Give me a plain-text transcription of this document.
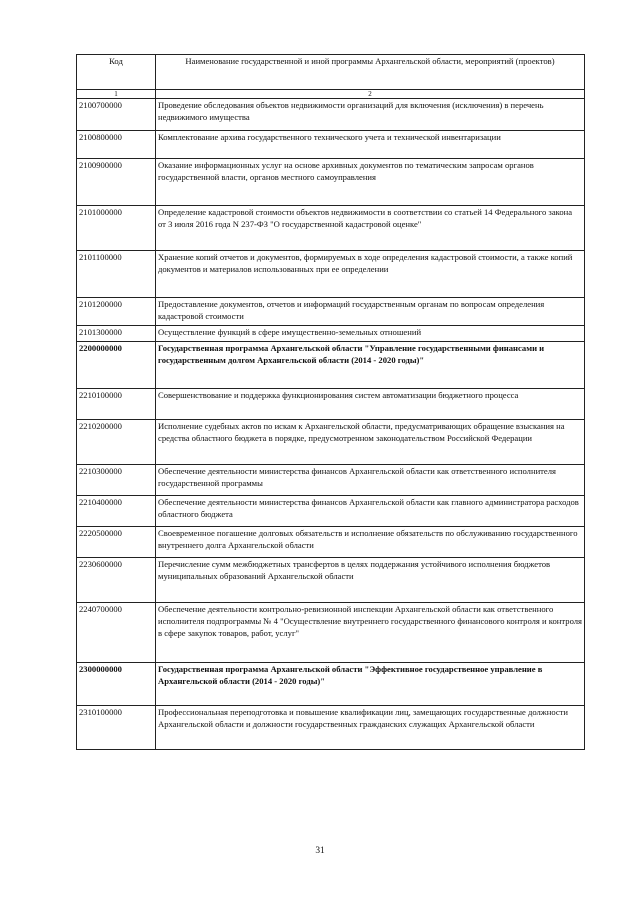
Код	Наименование государственной и иной программы Архангельской области, мероприятий (проектов)
1	2
2100700000	Проведение обследования объектов недвижимости организаций для включения (исключения) в перечень недвижимого имущества
2100800000	Комплектование архива государственного технического учета и технической инвентаризации
2100900000	Оказание информационных услуг на основе архивных документов по тематическим запросам органов государственной власти, органов местного самоуправления
2101000000	Определение кадастровой стоимости объектов недвижимости в соответствии со статьей 14 Федерального закона от 3 июля 2016 года N 237-ФЗ "О государственной кадастровой оценке"
2101100000	Хранение копий отчетов и документов, формируемых в ходе определения кадастровой стоимости, а также копий документов и материалов использованных при ее определении
2101200000	Предоставление документов, отчетов и информаций государственным органам по вопросам определения кадастровой стоимости
2101300000	Осуществление функций в сфере имущественно-земельных отношений
2200000000	Государственная программа Архангельской области "Управление государственными финансами и государственным долгом Архангельской области (2014 - 2020 годы)"
2210100000	Совершенствование и поддержка функционирования систем автоматизации бюджетного процесса
2210200000	Исполнение судебных актов по искам к Архангельской области, предусматривающих обращение взыскания на средства областного бюджета в порядке, предусмотренном законодательством Российской Федерации
2210300000	Обеспечение деятельности министерства финансов Архангельской области как ответственного исполнителя государственной программы
2210400000	Обеспечение деятельности министерства финансов Архангельской области как главного администратора расходов областного бюджета
2220500000	Своевременное погашение долговых обязательств и исполнение обязательств по обслуживанию государственного внутреннего долга Архангельской области
2230600000	Перечисление сумм межбюджетных трансфертов в целях поддержания устойчивого исполнения бюджетов муниципальных образований Архангельской области
2240700000	Обеспечение деятельности контрольно-ревизионной инспекции Архангельской области как ответственного исполнителя подпрограммы № 4 "Осуществление внутреннего государственного финансового контроля и контроля в сфере закупок товаров, работ, услуг"
2300000000	Государственная программа Архангельской области "Эффективное государственное управление в Архангельской области (2014 - 2020 годы)"
2310100000	Профессиональная переподготовка и повышение квалификации лиц, замещающих государственные должности Архангельской области и должности государственных гражданских служащих Архангельской области
31
